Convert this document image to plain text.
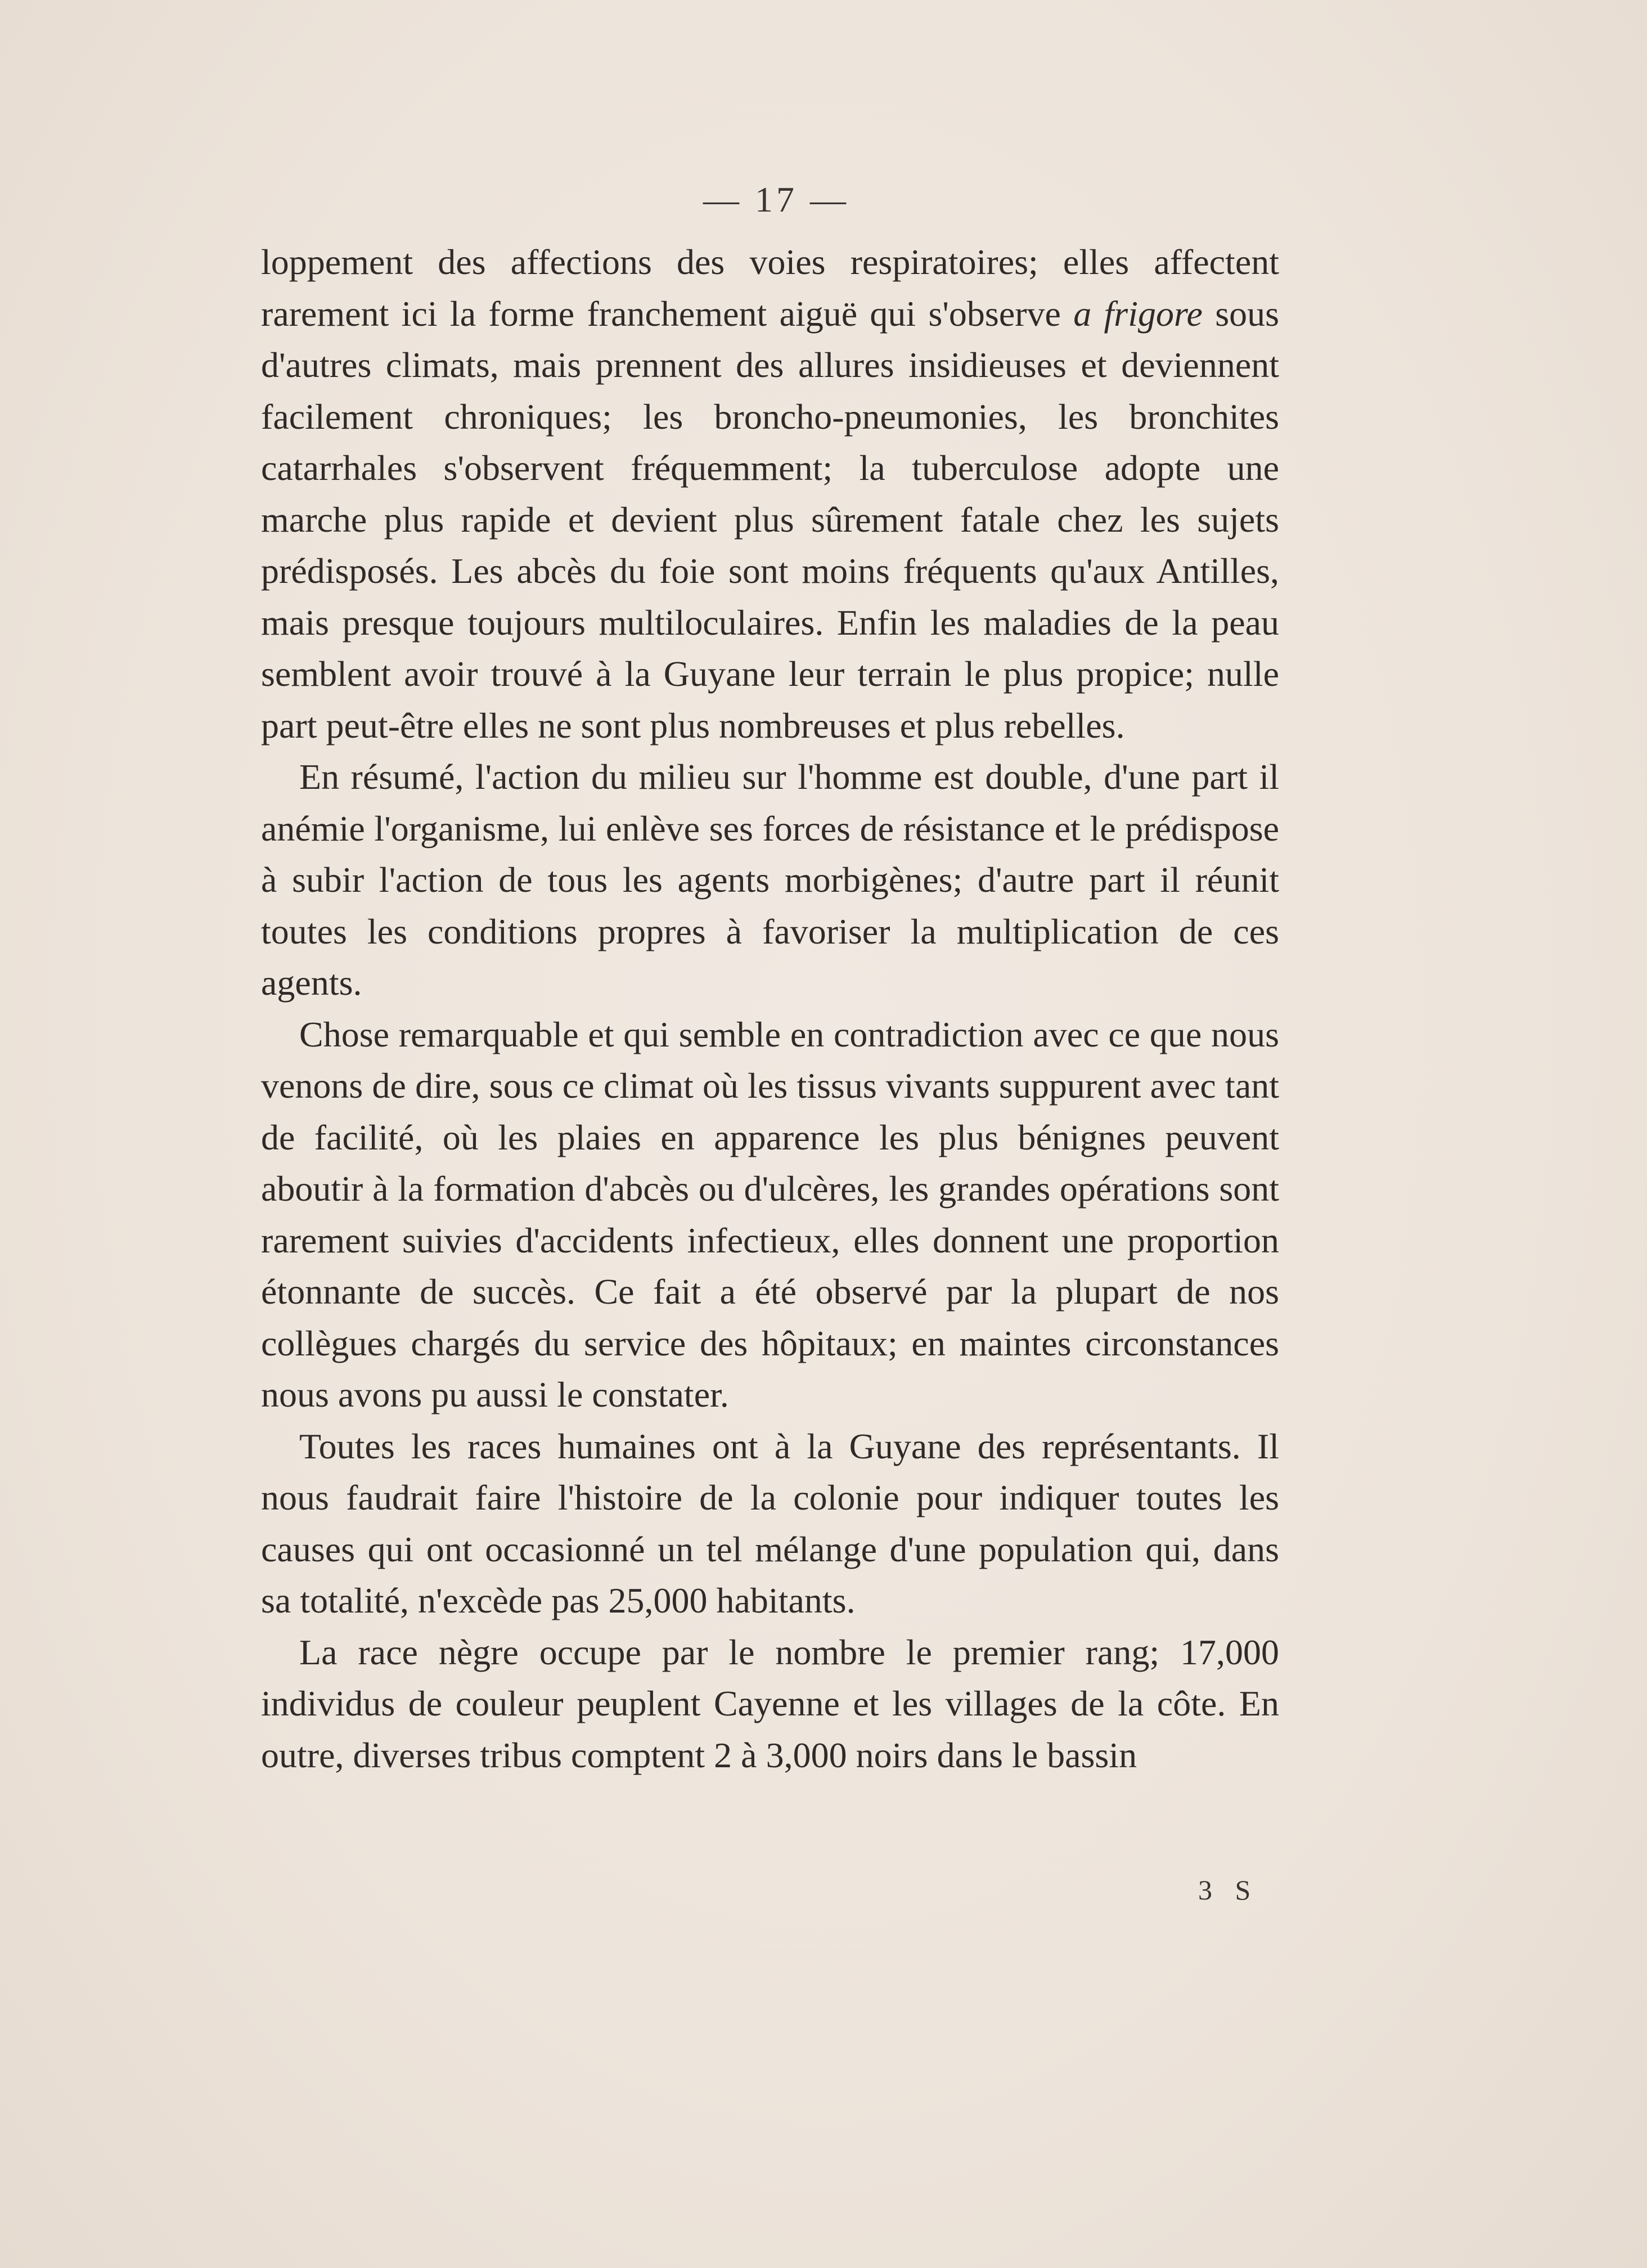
— 17 —

loppement des affections des voies respiratoires; elles affectent rarement ici la forme franchement aiguë qui s'observe a frigore sous d'autres climats, mais prennent des allures insidieuses et deviennent facilement chroniques; les broncho-pneumonies, les bronchites catarrhales s'observent fréquemment; la tuberculose adopte une marche plus rapide et devient plus sûrement fatale chez les sujets prédisposés. Les abcès du foie sont moins fréquents qu'aux Antilles, mais presque toujours multiloculaires. Enfin les maladies de la peau semblent avoir trouvé à la Guyane leur terrain le plus propice; nulle part peut-être elles ne sont plus nombreuses et plus rebelles.

En résumé, l'action du milieu sur l'homme est double, d'une part il anémie l'organisme, lui enlève ses forces de résistance et le prédispose à subir l'action de tous les agents morbigènes; d'autre part il réunit toutes les conditions propres à favoriser la multiplication de ces agents.

Chose remarquable et qui semble en contradiction avec ce que nous venons de dire, sous ce climat où les tissus vivants suppurent avec tant de facilité, où les plaies en apparence les plus bénignes peuvent aboutir à la formation d'abcès ou d'ulcères, les grandes opérations sont rarement suivies d'accidents infectieux, elles donnent une proportion étonnante de succès. Ce fait a été observé par la plupart de nos collègues chargés du service des hôpitaux; en maintes circonstances nous avons pu aussi le constater.

Toutes les races humaines ont à la Guyane des représentants. Il nous faudrait faire l'histoire de la colonie pour indiquer toutes les causes qui ont occasionné un tel mélange d'une population qui, dans sa totalité, n'excède pas 25,000 habitants.

La race nègre occupe par le nombre le premier rang; 17,000 individus de couleur peuplent Cayenne et les villages de la côte. En outre, diverses tribus comptent 2 à 3,000 noirs dans le bassin

3 S
